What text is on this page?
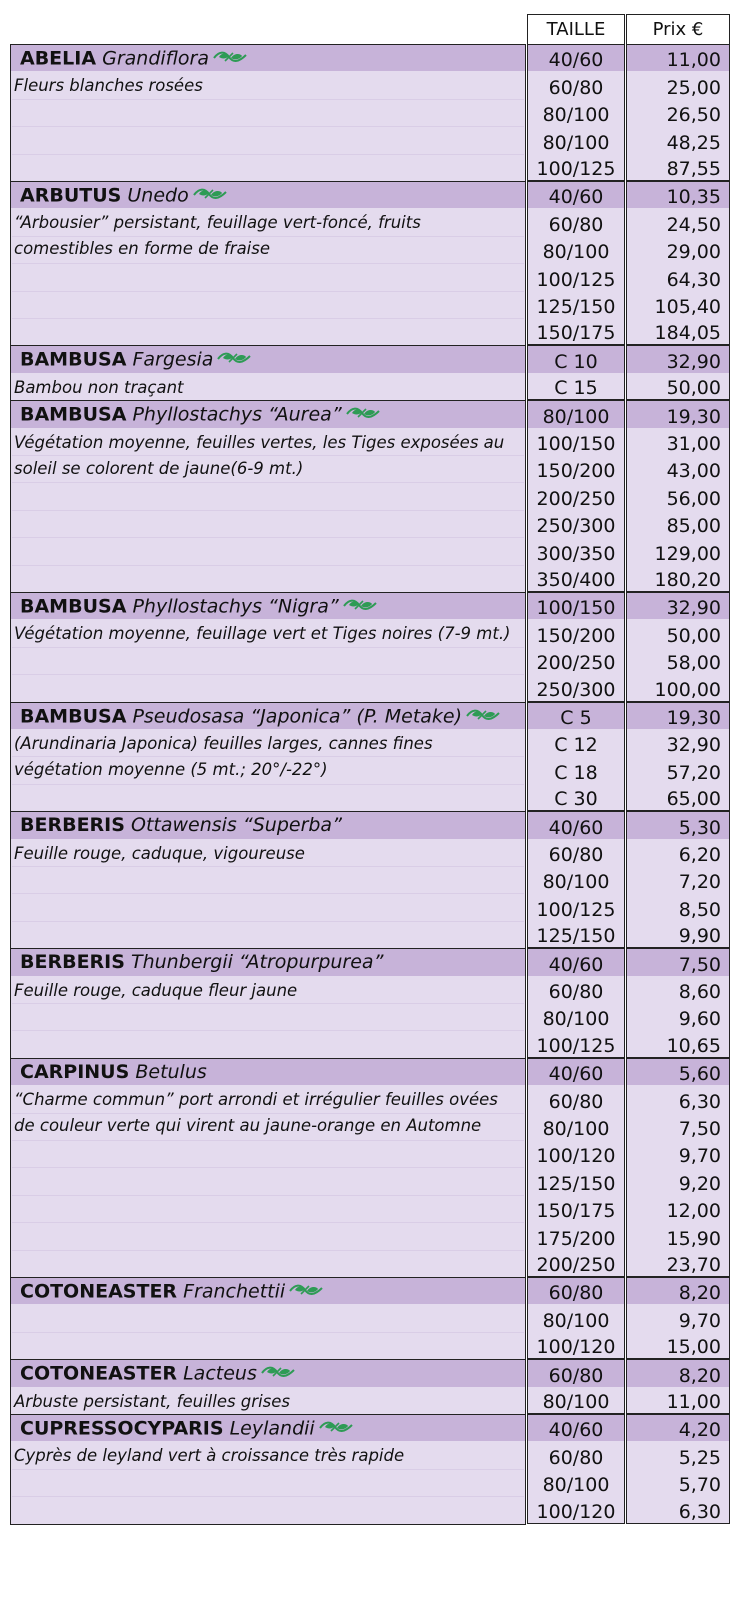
TAILLE	Prix €
ABELIA Grandiflora
Fleurs blanches rosées
40/60	11,00
60/80	25,00
80/100	26,50
80/100	48,25
100/125	87,55
ARBUTUS Unedo
“Arbousier” persistant, feuillage vert-foncé, fruits comestibles en forme de fraise
40/60	10,35
60/80	24,50
80/100	29,00
100/125	64,30
125/150	105,40
150/175	184,05
BAMBUSA Fargesia
Bambou non traçant
C 10	32,90
C 15	50,00
BAMBUSA Phyllostachys “Aurea”
Végétation moyenne, feuilles vertes, les Tiges exposées au soleil se colorent de jaune(6-9 mt.)
80/100	19,30
100/150	31,00
150/200	43,00
200/250	56,00
250/300	85,00
300/350	129,00
350/400	180,20
BAMBUSA Phyllostachys “Nigra”
Végétation moyenne, feuillage vert et Tiges noires (7-9 mt.)
100/150	32,90
150/200	50,00
200/250	58,00
250/300	100,00
BAMBUSA Pseudosasa “Japonica” (P. Metake)
(Arundinaria Japonica) feuilles larges, cannes fines végétation moyenne (5 mt.; 20°/-22°)
C 5	19,30
C 12	32,90
C 18	57,20
C 30	65,00
BERBERIS Ottawensis “Superba”
Feuille rouge, caduque, vigoureuse
40/60	5,30
60/80	6,20
80/100	7,20
100/125	8,50
125/150	9,90
BERBERIS Thunbergii “Atropurpurea”
Feuille rouge, caduque fleur jaune
40/60	7,50
60/80	8,60
80/100	9,60
100/125	10,65
CARPINUS Betulus
“Charme commun” port arrondi et irrégulier feuilles ovées de couleur verte qui virent au jaune-orange en Automne
40/60	5,60
60/80	6,30
80/100	7,50
100/120	9,70
125/150	9,20
150/175	12,00
175/200	15,90
200/250	23,70
COTONEASTER Franchettii	60/80	8,20
80/100	9,70
100/120	15,00
COTONEASTER Lacteus
Arbuste persistant, feuilles grises
60/80	8,20
80/100	11,00
CUPRESSOCYPARIS Leylandii
Cyprès de leyland vert à croissance très rapide
40/60	4,20
60/80	5,25
80/100	5,70
100/120	6,30
